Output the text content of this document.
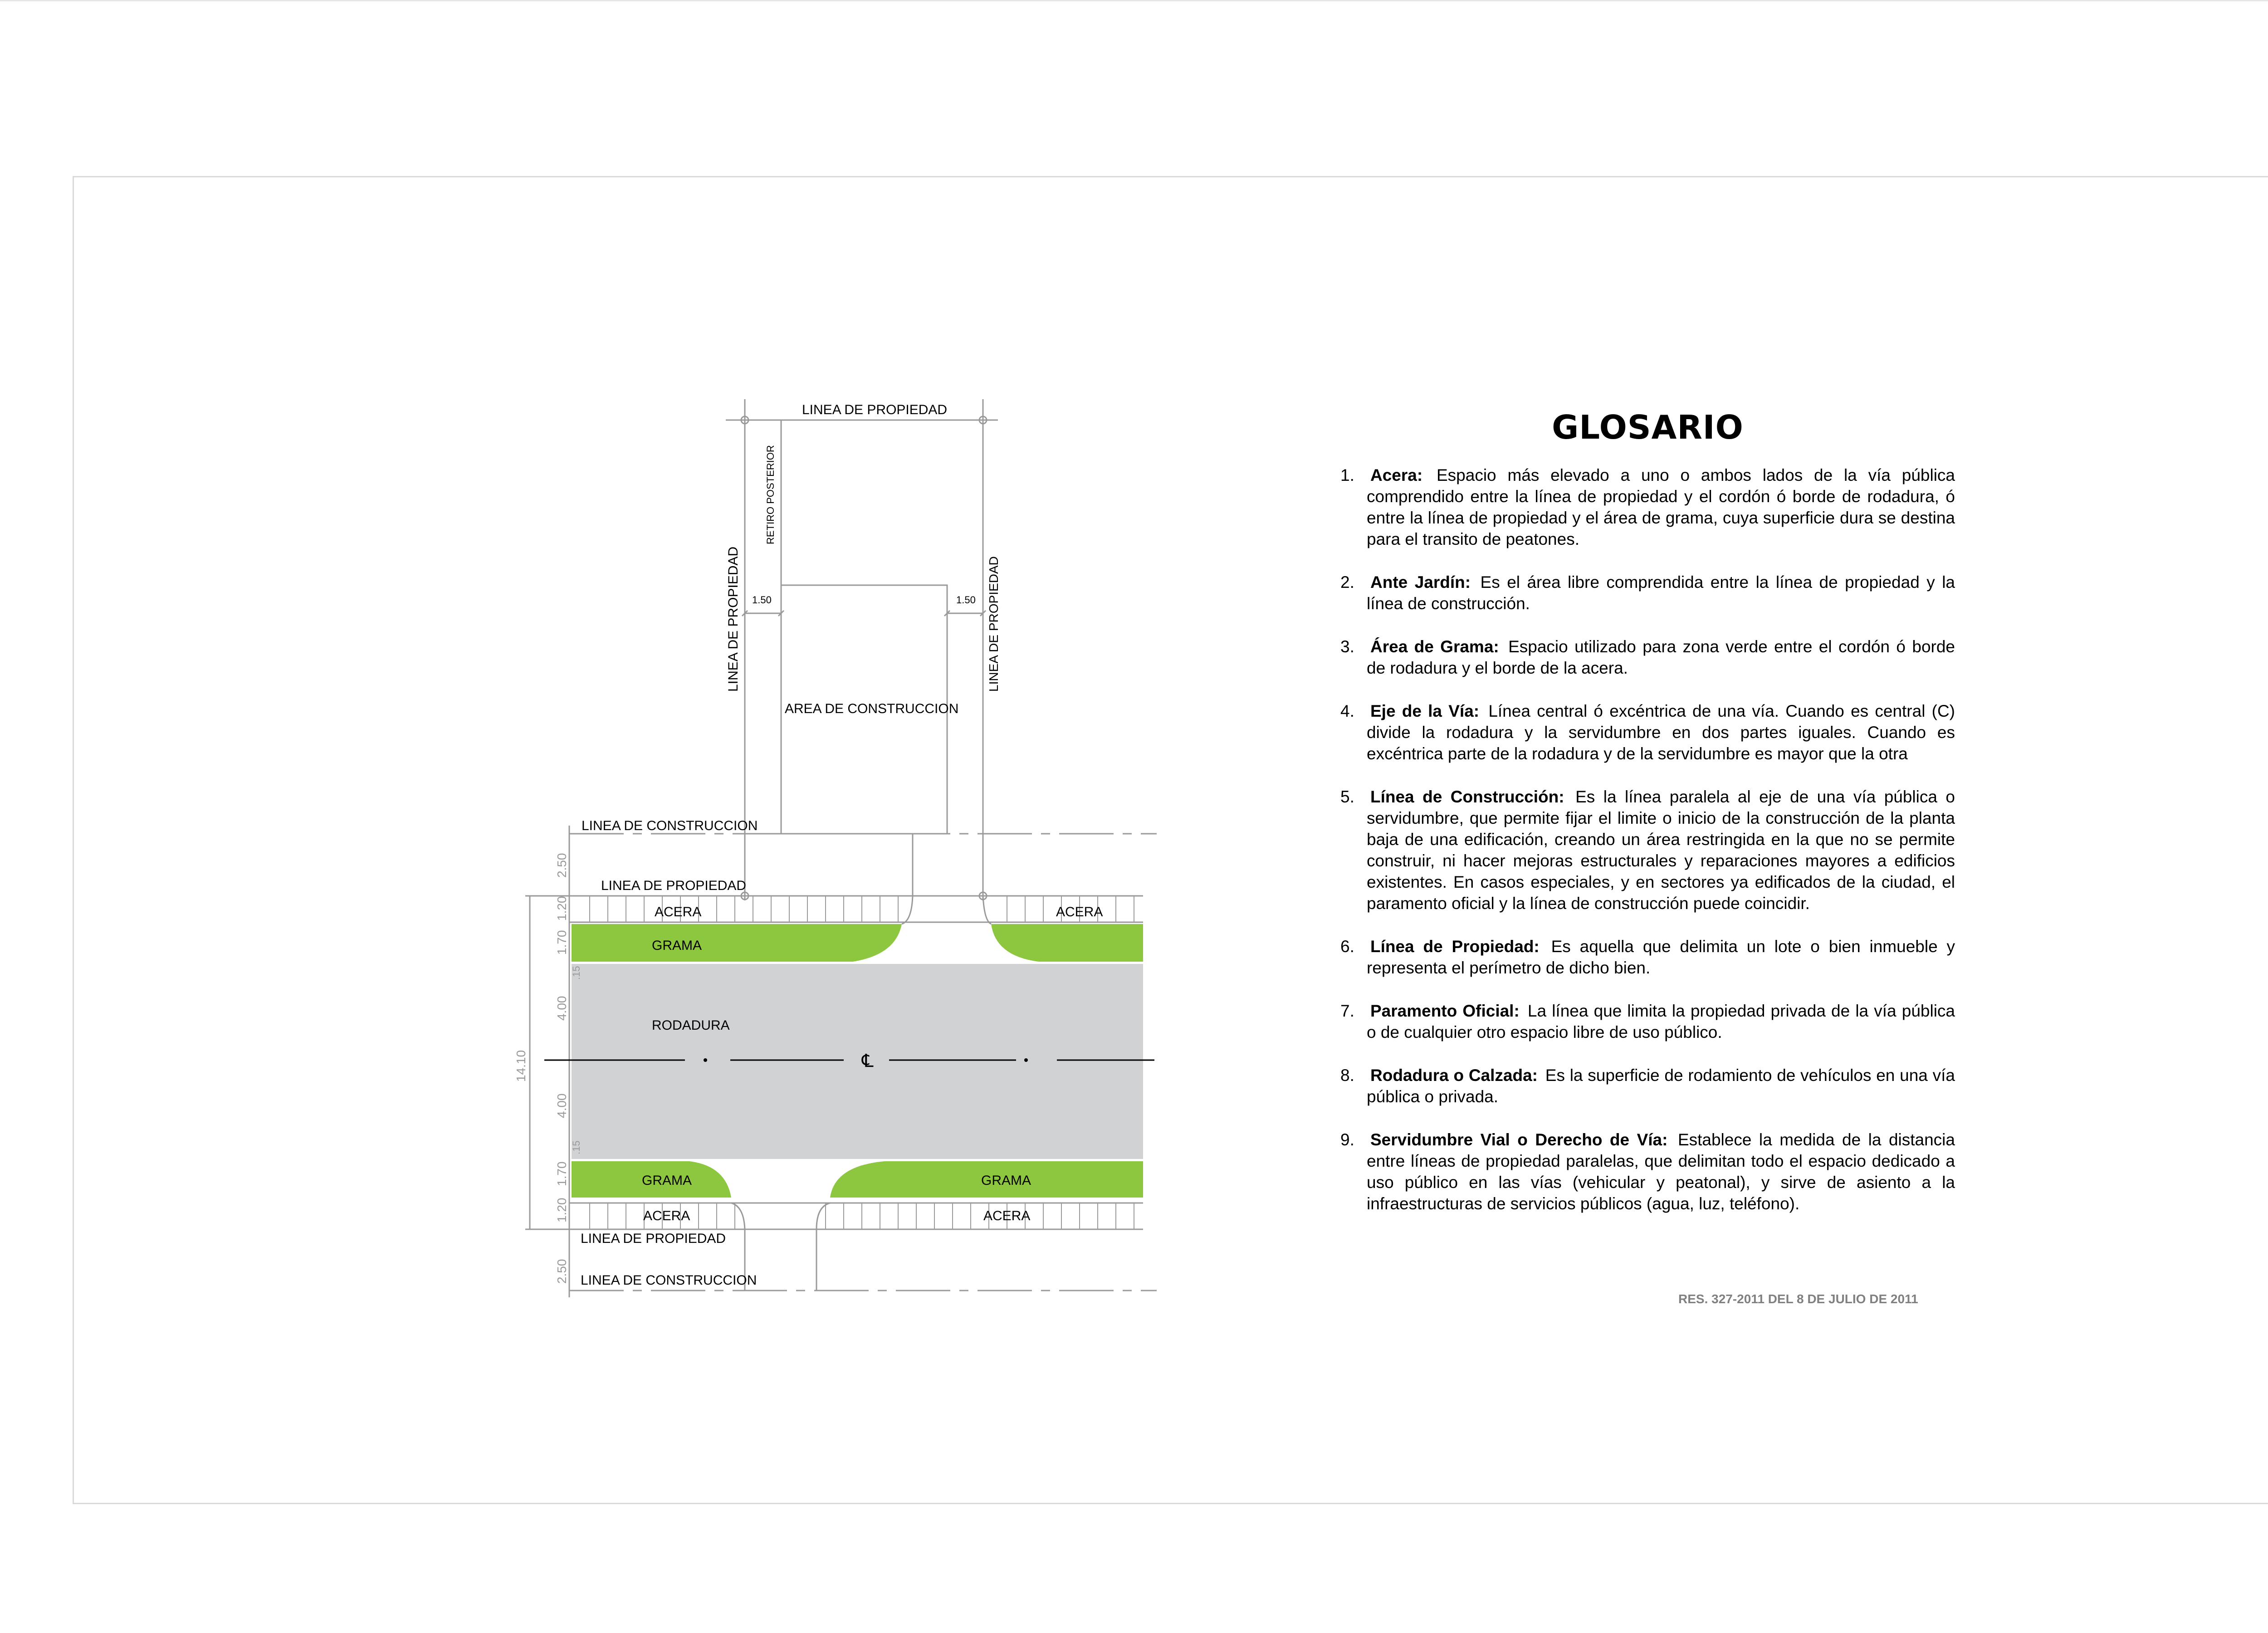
LINEA DE PROPIEDAD
RETIRO POSTERIOR
LINEA DE PROPIEDAD	LINEA DE PROPIEDAD
1.50	1.50
AREA DE CONSTRUCCION
LINEA DE CONSTRUCCION
LINEA DE PROPIEDAD
ACERA	ACERA
GRAMA
RODADURA
℄
GRAMA	GRAMA
ACERA	ACERA
LINEA DE PROPIEDAD
LINEA DE CONSTRUCCION
14.10
2.50
1.20
1.70
.15
4.00
4.00
.15
1.70
1.20
2.50
GLOSARIO
1. Acera: Espacio más elevado a uno o ambos lados de la vía pública comprendido entre la línea de propiedad y el cordón ó borde de rodadura, ó entre la línea de propiedad y el área de grama, cuya superficie dura se destina para el transito de peatones.
2. Ante Jardín: Es el área libre comprendida entre la línea de propiedad y la línea de construcción.
3. Área de Grama: Espacio utilizado para zona verde entre el cordón ó borde de rodadura y el borde de la acera.
4. Eje de la Vía: Línea central ó excéntrica de una vía. Cuando es central (C) divide la rodadura y la servidumbre en dos partes iguales. Cuando es excéntrica parte de la rodadura y de la servidumbre es mayor que la otra
5. Línea de Construcción: Es la línea paralela al eje de una vía pública o servidumbre, que permite fijar el limite o inicio de la construcción de la planta baja de una edificación, creando un área restringida en la que no se permite construir, ni hacer mejoras estructurales y reparaciones mayores a edificios existentes. En casos especiales, y en sectores ya edificados de la ciudad, el paramento oficial y la línea de construcción puede coincidir.
6. Línea de Propiedad: Es aquella que delimita un lote o bien inmueble y representa el perímetro de dicho bien.
7. Paramento Oficial: La línea que limita la propiedad privada de la vía pública o de cualquier otro espacio libre de uso público.
8. Rodadura o Calzada: Es la superficie de rodamiento de vehículos en una vía pública o privada.
9. Servidumbre Vial o Derecho de Vía: Establece la medida de la distancia entre líneas de propiedad paralelas, que delimitan todo el espacio dedicado a uso público en las vías (vehicular y peatonal), y sirve de asiento a la infraestructuras de servicios públicos (agua, luz, teléfono).
RES. 327-2011 DEL 8 DE JULIO DE 2011
